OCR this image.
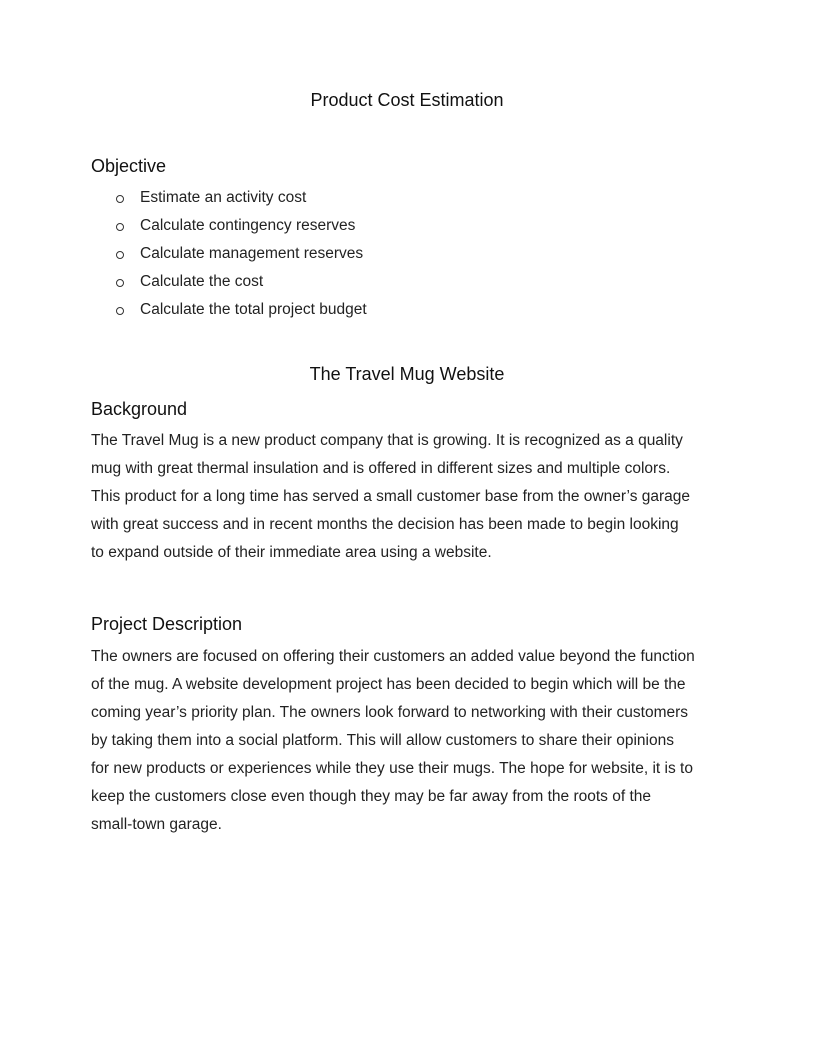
Product Cost Estimation
Objective
Estimate an activity cost
Calculate contingency reserves
Calculate management reserves
Calculate the cost
Calculate the total project budget
The Travel Mug Website
Background

The Travel Mug is a new product company that is growing. It is recognized as a quality
mug with great thermal insulation and is offered in different sizes and multiple colors.
This product for a long time has served a small customer base from the owner’s garage
with great success and in recent months the decision has been made to begin looking
to expand outside of their immediate area using a website.

Project Description

The owners are focused on offering their customers an added value beyond the function
of the mug. A website development project has been decided to begin which will be the
coming year’s priority plan. The owners look forward to networking with their customers
by taking them into a social platform. This will allow customers to share their opinions
for new products or experiences while they use their mugs. The hope for website, it is to
keep the customers close even though they may be far away from the roots of the
small-town garage.
